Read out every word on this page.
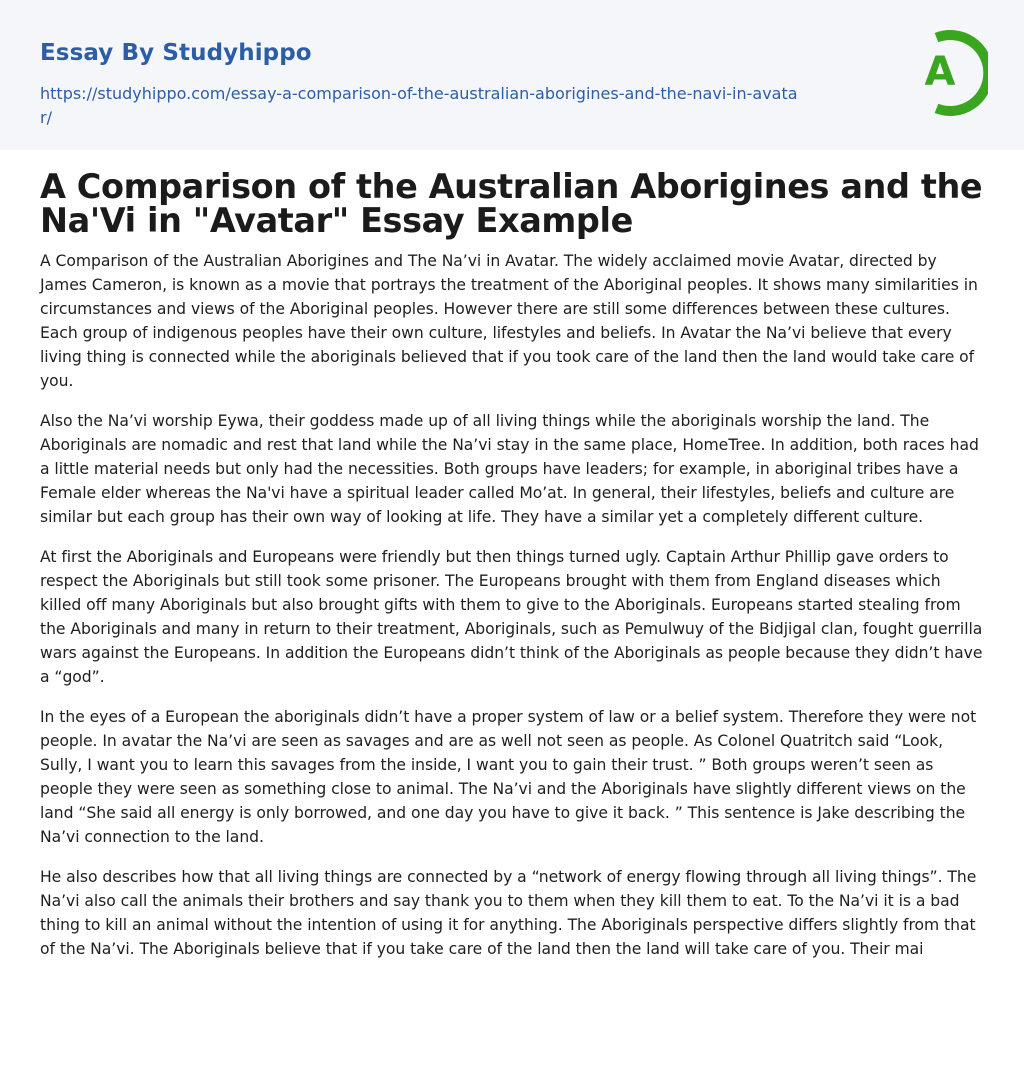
Essay By Studyhippo
https://studyhippo.com/essay-a-comparison-of-the-australian-aborigines-and-the-navi-in-avatar/
A
A Comparison of the Australian Aborigines and the Na'Vi in "Avatar" Essay Example

A Comparison of the Australian Aborigines and The Na’vi in Avatar. The widely acclaimed movie Avatar, directed by James Cameron, is known as a movie that portrays the treatment of the Aboriginal peoples. It shows many similarities in circumstances and views of the Aboriginal peoples. However there are still some differences between these cultures. Each group of indigenous peoples have their own culture, lifestyles and beliefs. In Avatar the Na’vi believe that every living thing is connected while the aboriginals believed that if you took care of the land then the land would take care of you.

Also the Na’vi worship Eywa, their goddess made up of all living things while the aboriginals worship the land. The Aboriginals are nomadic and rest that land while the Na’vi stay in the same place, HomeTree. In addition, both races had a little material needs but only had the necessities. Both groups have leaders; for example, in aboriginal tribes have a Female elder whereas the Na'vi have a spiritual leader called Mo’at. In general, their lifestyles, beliefs and culture are similar but each group has their own way of looking at life. They have a similar yet a completely different culture.

At first the Aboriginals and Europeans were friendly but then things turned ugly. Captain Arthur Phillip gave orders to respect the Aboriginals but still took some prisoner. The Europeans brought with them from England diseases which killed off many Aboriginals but also brought gifts with them to give to the Aboriginals. Europeans started stealing from the Aboriginals and many in return to their treatment, Aboriginals, such as Pemulwuy of the Bidjigal clan, fought guerrilla wars against the Europeans. In addition the Europeans didn’t think of the Aboriginals as people because they didn’t have a “god”.

In the eyes of a European the aboriginals didn’t have a proper system of law or a belief system. Therefore they were not people. In avatar the Na’vi are seen as savages and are as well not seen as people. As Colonel Quatritch said “Look, Sully, I want you to learn this savages from the inside, I want you to gain their trust. ” Both groups weren’t seen as people they were seen as something close to animal. The Na’vi and the Aboriginals have slightly different views on the land “She said all energy is only borrowed, and one day you have to give it back. ” This sentence is Jake describing the Na’vi connection to the land.

He also describes how that all living things are connected by a “network of energy flowing through all living things”. The Na’vi also call the animals their brothers and say thank you to them when they kill them to eat. To the Na’vi it is a bad thing to kill an animal without the intention of using it for anything. The Aboriginals perspective differs slightly from that of the Na’vi. The Aboriginals believe that if you take care of the land then the land will take care of you. Their mai
